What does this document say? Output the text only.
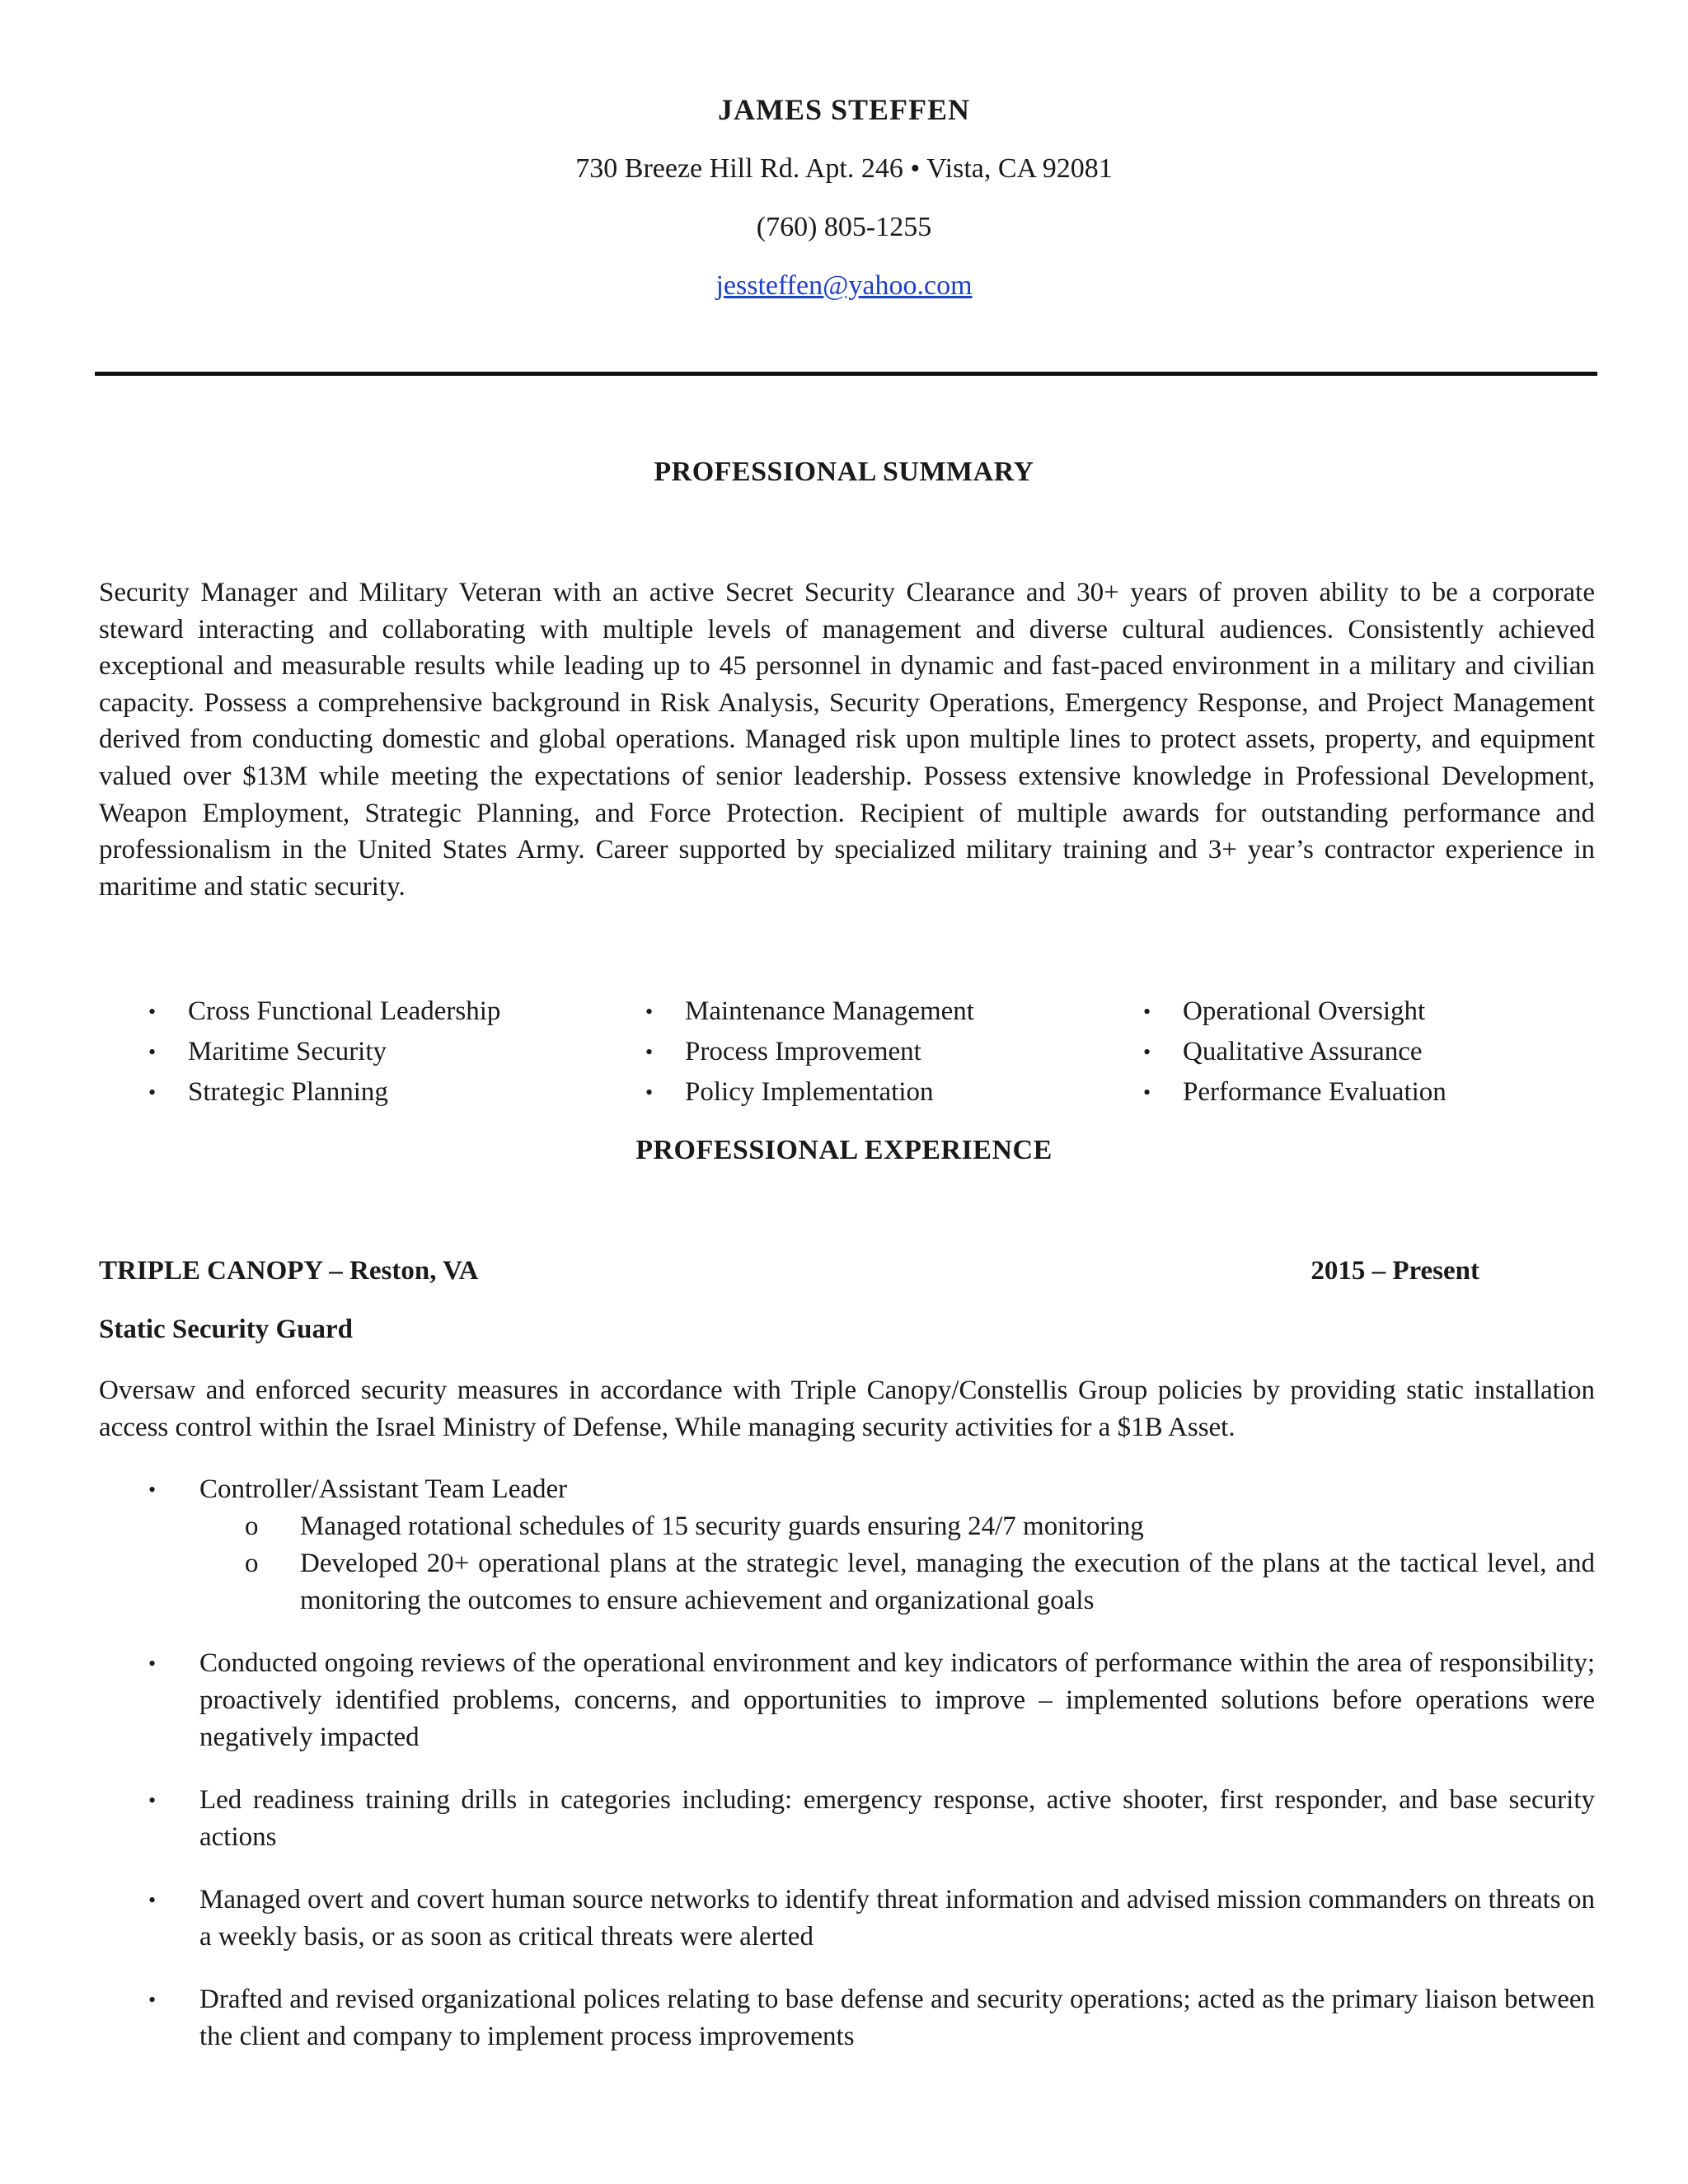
JAMES STEFFEN
730 Breeze Hill Rd. Apt. 246 • Vista, CA 92081
(760) 805-1255
jessteffen@yahoo.com
PROFESSIONAL SUMMARY

Security Manager and Military Veteran with an active Secret Security Clearance and 30+ years of proven ability to be a corporate steward interacting and collaborating with multiple levels of management and diverse cultural audiences. Consistently achieved exceptional and measurable results while leading up to 45 personnel in dynamic and fast-paced environment in a military and civilian capacity. Possess a comprehensive background in Risk Analysis, Security Operations, Emergency Response, and Project Management derived from conducting domestic and global operations. Managed risk upon multiple lines to protect assets, property, and equipment valued over $13M while meeting the expectations of senior leadership. Possess extensive knowledge in Professional Development, Weapon Employment, Strategic Planning, and Force Protection. Recipient of multiple awards for outstanding performance and professionalism in the United States Army. Career supported by specialized military training and 3+ year’s contractor experience in maritime and static security.

• Cross Functional Leadership
• Maritime Security
• Strategic Planning
• Maintenance Management
• Process Improvement
• Policy Implementation
• Operational Oversight
• Qualitative Assurance
• Performance Evaluation
PROFESSIONAL EXPERIENCE
TRIPLE CANOPY – Reston, VA	2015 – Present
Static Security Guard

Oversaw and enforced security measures in accordance with Triple Canopy/Constellis Group policies by providing static installation access control within the Israel Ministry of Defense, While managing security activities for a $1B Asset.

• Controller/Assistant Team Leader
o Managed rotational schedules of 15 security guards ensuring 24/7 monitoring
o Developed 20+ operational plans at the strategic level, managing the execution of the plans at the tactical level, and monitoring the outcomes to ensure achievement and organizational goals
• Conducted ongoing reviews of the operational environment and key indicators of performance within the area of responsibility; proactively identified problems, concerns, and opportunities to improve – implemented solutions before operations were negatively impacted
• Led readiness training drills in categories including: emergency response, active shooter, first responder, and base security actions
• Managed overt and covert human source networks to identify threat information and advised mission commanders on threats on a weekly basis, or as soon as critical threats were alerted
• Drafted and revised organizational polices relating to base defense and security operations; acted as the primary liaison between the client and company to implement process improvements
